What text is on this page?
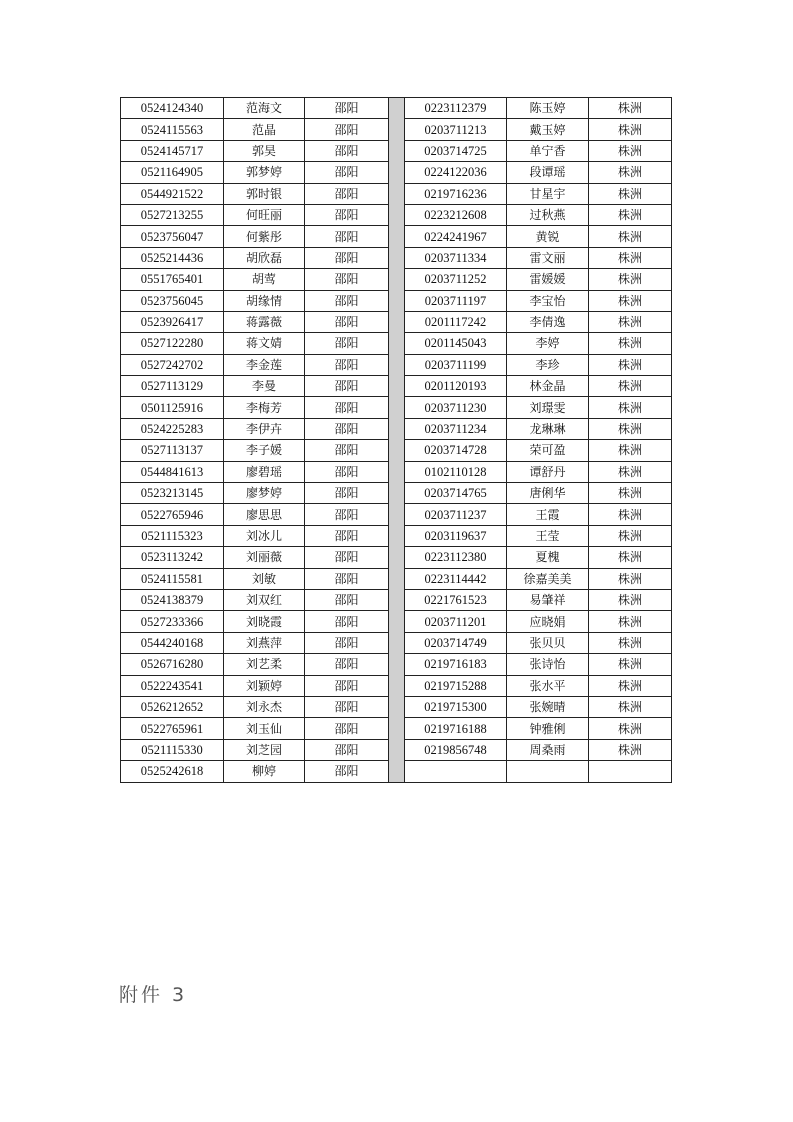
0524124340	范海文	邵阳		0223112379	陈玉婷	株洲
0524115563	范晶	邵阳		0203711213	戴玉婷	株洲
0524145717	郭昊	邵阳		0203714725	单宁香	株洲
0521164905	郭梦婷	邵阳		0224122036	段谭瑶	株洲
0544921522	郭时银	邵阳		0219716236	甘星宇	株洲
0527213255	何旺丽	邵阳		0223212608	过秋燕	株洲
0523756047	何紫彤	邵阳		0224241967	黄锐	株洲
0525214436	胡欣磊	邵阳		0203711334	雷文丽	株洲
0551765401	胡莺	邵阳		0203711252	雷媛媛	株洲
0523756045	胡缘情	邵阳		0203711197	李宝怡	株洲
0523926417	蒋露薇	邵阳		0201117242	李倩逸	株洲
0527122280	蒋文婧	邵阳		0201145043	李婷	株洲
0527242702	李金莲	邵阳		0203711199	李珍	株洲
0527113129	李曼	邵阳		0201120193	林金晶	株洲
0501125916	李梅芳	邵阳		0203711230	刘璟雯	株洲
0524225283	李伊卉	邵阳		0203711234	龙琳琳	株洲
0527113137	李子媛	邵阳		0203714728	荣可盈	株洲
0544841613	廖碧瑶	邵阳		0102110128	谭舒丹	株洲
0523213145	廖梦婷	邵阳		0203714765	唐俐华	株洲
0522765946	廖思思	邵阳		0203711237	王霞	株洲
0521115323	刘冰儿	邵阳		0203119637	王莹	株洲
0523113242	刘丽薇	邵阳		0223112380	夏槐	株洲
0524115581	刘敏	邵阳		0223114442	徐嘉美美	株洲
0524138379	刘双红	邵阳		0221761523	易肇祥	株洲
0527233366	刘晓霞	邵阳		0203711201	应晓娟	株洲
0544240168	刘燕萍	邵阳		0203714749	张贝贝	株洲
0526716280	刘艺柔	邵阳		0219716183	张诗怡	株洲
0522243541	刘颖婷	邵阳		0219715288	张水平	株洲
0526212652	刘永杰	邵阳		0219715300	张婉晴	株洲
0522765961	刘玉仙	邵阳		0219716188	钟雅俐	株洲
0521115330	刘芝园	邵阳		0219856748	周桑雨	株洲
0525242618	柳婷	邵阳				
附件 3
